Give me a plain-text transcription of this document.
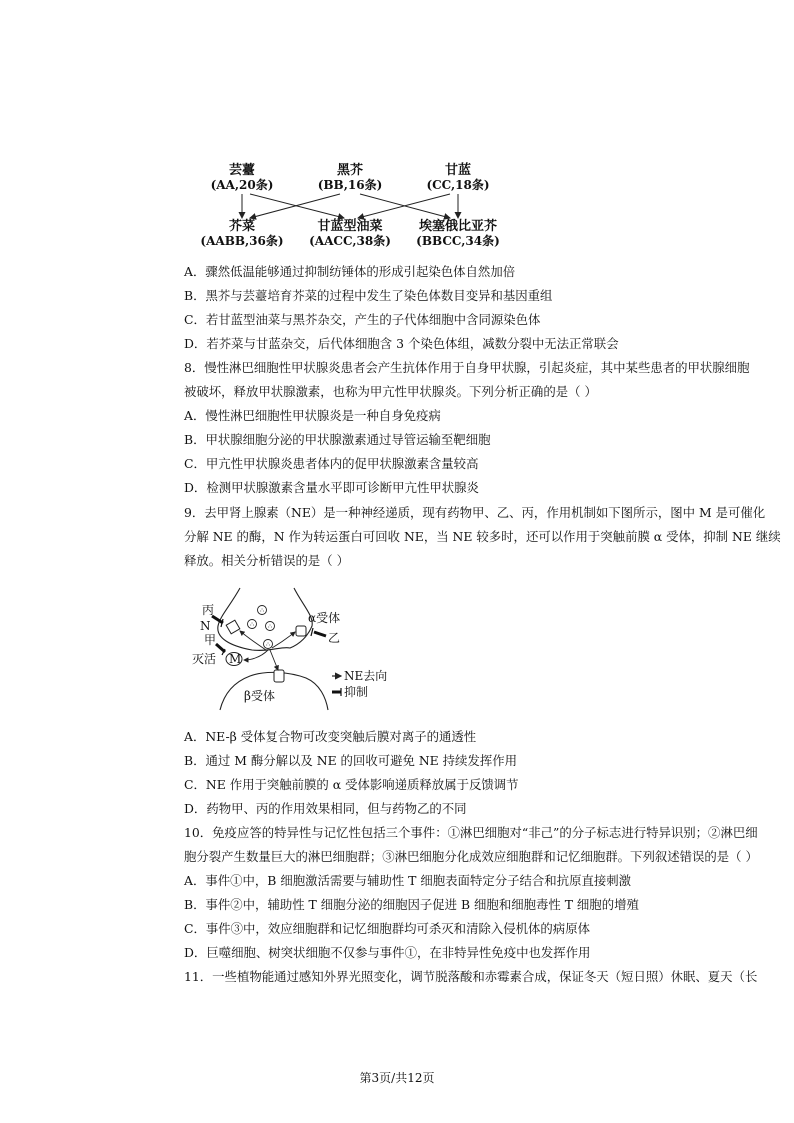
芸薹
(AA,20条)
黑芥
(BB,16条)
甘蓝
(CC,18条)
芥菜
(AABB,36条)
甘蓝型油菜
(AACC,38条)
埃塞俄比亚芥
(BBCC,34条)
A．骤然低温能够通过抑制纺锤体的形成引起染色体自然加倍
B．黑芥与芸薹培育芥菜的过程中发生了染色体数目变异和基因重组
C．若甘蓝型油菜与黑芥杂交，产生的子代体细胞中含同源染色体
D．若芥菜与甘蓝杂交，后代体细胞含 3 个染色体组，减数分裂中无法正常联会
8．慢性淋巴细胞性甲状腺炎患者会产生抗体作用于自身甲状腺，引起炎症，其中某些患者的甲状腺细胞
被破坏，释放甲状腺激素，也称为甲亢性甲状腺炎。下列分析正确的是（ ）
A．慢性淋巴细胞性甲状腺炎是一种自身免疫病
B．甲状腺细胞分泌的甲状腺激素通过导管运输至靶细胞
C．甲亢性甲状腺炎患者体内的促甲状腺激素含量较高
D．检测甲状腺激素含量水平即可诊断甲亢性甲状腺炎
9．去甲肾上腺素（NE）是一种神经递质，现有药物甲、乙、丙，作用机制如下图所示，图中 M 是可催化
分解 NE 的酶，N 作为转运蛋白可回收 NE，当 NE 较多时，还可以作用于突触前膜 α 受体，抑制 NE 继续
释放。相关分析错误的是（ ）
∴
∴ ∴
∴
丙
N
甲
灭活 M
α受体
乙
β受体
NE去向
抑制
A．NE-β 受体复合物可改变突触后膜对离子的通透性
B．通过 M 酶分解以及 NE 的回收可避免 NE 持续发挥作用
C．NE 作用于突触前膜的 α 受体影响递质释放属于反馈调节
D．药物甲、丙的作用效果相同，但与药物乙的不同
10．免疫应答的特异性与记忆性包括三个事件：①淋巴细胞对“非己”的分子标志进行特异识别；②淋巴细
胞分裂产生数量巨大的淋巴细胞群；③淋巴细胞分化成效应细胞群和记忆细胞群。下列叙述错误的是（ ）
A．事件①中，B 细胞激活需要与辅助性 T 细胞表面特定分子结合和抗原直接刺激
B．事件②中，辅助性 T 细胞分泌的细胞因子促进 B 细胞和细胞毒性 T 细胞的增殖
C．事件③中，效应细胞群和记忆细胞群均可杀灭和清除入侵机体的病原体
D．巨噬细胞、树突状细胞不仅参与事件①，在非特异性免疫中也发挥作用
11．一些植物能通过感知外界光照变化，调节脱落酸和赤霉素合成，保证冬天（短日照）休眠、夏天（长
第3页/共12页
